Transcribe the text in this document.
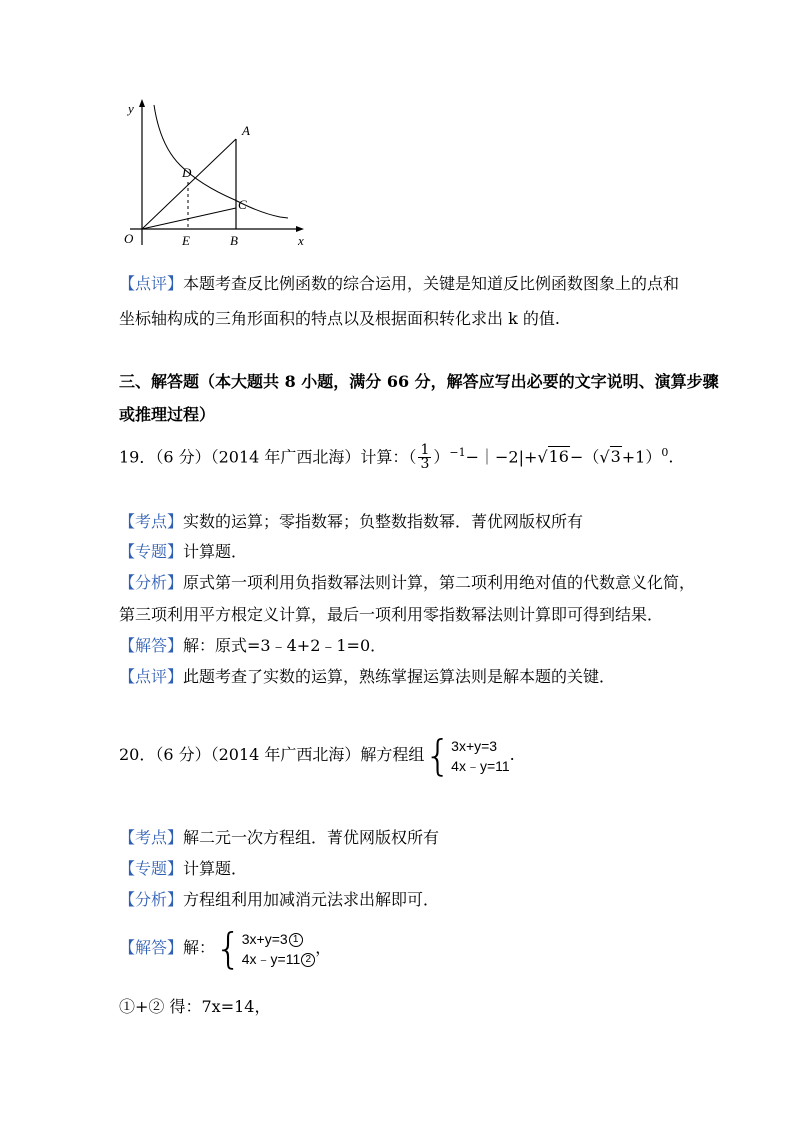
y
x
O
A
B
C
D
E
【点评】本题考查反比例函数的综合运用，关键是知道反比例函数图象上的点和
坐标轴构成的三角形面积的特点以及根据面积转化求出 k 的值.
三、解答题（本大题共 8 小题，满分 66 分，解答应写出必要的文字说明、演算步骤
或推理过程）
19．（6 分）（2014 年广西北海）计算：（ $\frac{1}{3}$ ）$^{-1}-|-2|+√16-(√3+1)^0$.
【考点】实数的运算；零指数幂；负整数指数幂．菁优网版权所有
【专题】计算题．
【分析】原式第一项利用负指数幂法则计算，第二项利用绝对值的代数意义化简，
第三项利用平方根定义计算，最后一项利用零指数幂法则计算即可得到结果．
【解答】解：原式=3﹣4+2﹣1=0．
【点评】此题考查了实数的运算，熟练掌握运算法则是解本题的关键．
20．（6 分）（2014 年广西北海）解方程组{ 3x+y=3
4x﹣y=11
.
【考点】解二元一次方程组．菁优网版权所有
【专题】计算题．
【分析】方程组利用加减消元法求出解即可．
【解答】解：{ 3x+y=3 1
4x﹣y=11 2
，
①+② 得：7x=14，
